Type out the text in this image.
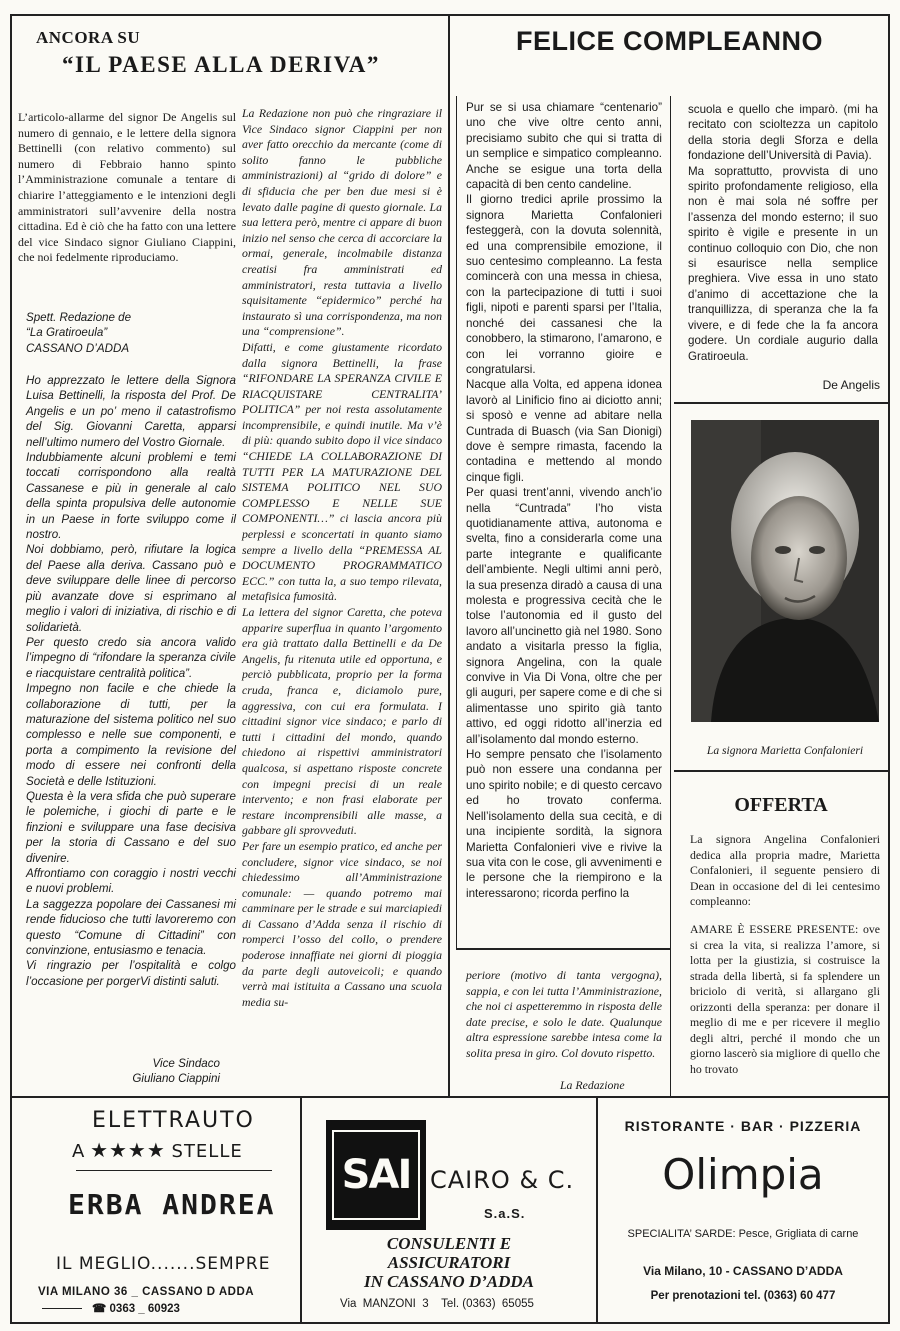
ANCORA SU
“IL PAESE ALLA DERIVA”
L’articolo-allarme del signor De Angelis sul numero di gennaio, e le lettere della signora Bettinelli (con relativo commento) sul numero di Febbraio hanno spinto l’Amministrazione comunale a tentare di chiarire l’atteggiamento e le intenzioni degli amministratori sull’avvenire della nostra cittadina. Ed è ciò che ha fatto con una lettere del vice Sindaco signor Giuliano Ciappini, che noi fedelmente riproduciamo.

Spett. Redazione de

“La Gratiroeula”

CASSANO D’ADDA

Ho apprezzato le lettere della Signora Luisa Bettinelli, la risposta del Prof. De Angelis e un po’ meno il catastrofismo del Sig. Giovanni Caretta, apparsi nell’ultimo numero del Vostro Giornale.

Indubbiamente alcuni problemi e temi toccati corrispondono alla realtà Cassanese e più in generale al calo della spinta propulsiva delle autonomie in un Paese in forte sviluppo come il nostro.

Noi dobbiamo, però, rifiutare la logica del Paese alla deriva. Cassano può e deve sviluppare delle linee di percorso più avanzate dove si esprimano al meglio i valori di iniziativa, di rischio e di solidarietà.

Per questo credo sia ancora valido l’impegno di “rifondare la speranza civile e riacquistare centralità politica”.

Impegno non facile e che chiede la collaborazione di tutti, per la maturazione del sistema politico nel suo complesso e nelle sue componenti, e porta a compimento la revisione del modo di essere nei confronti della Società e delle Istituzioni.

Questa è la vera sfida che può superare le polemiche, i giochi di parte e le finzioni e sviluppare una fase decisiva per la storia di Cassano e del suo divenire.

Affrontiamo con coraggio i nostri vecchi e nuovi problemi.

La saggezza popolare dei Cassanesi mi rende fiducioso che tutti lavoreremo con questo “Comune di Cittadini” con convinzione, entusiasmo e tenacia.

Vi ringrazio per l’ospitalità e colgo l’occasione per porgerVi distinti saluti.

Vice Sindaco

Giuliano Ciappini

La Redazione non può che ringraziare il Vice Sindaco signor Ciappini per non aver fatto orecchio da mercante (come di solito fanno le pubbliche amministrazioni) al “grido di dolore” e di sfiducia che per ben due mesi si è levato dalle pagine di questo giornale. La sua lettera però, mentre ci appare di buon inizio nel senso che cerca di accorciare la ormai, generale, incolmabile distanza creatisi fra amministrati ed amministratori, resta tuttavia a livello squisitamente “epidermico” perché ha instaurato sì una corrispondenza, ma non una “comprensione”.

Difatti, e come giustamente ricordato dalla signora Bettinelli, la frase “RIFONDARE LA SPERANZA CIVILE E RIACQUISTARE CENTRALITA’ POLITICA” per noi resta assolutamente incomprensibile, e quindi inutile. Ma v’è di più: quando subito dopo il vice sindaco “CHIEDE LA COLLABORAZIONE DI TUTTI PER LA MATURAZIONE DEL SISTEMA POLITICO NEL SUO COMPLESSO E NELLE SUE COMPONENTI…” ci lascia ancora più perplessi e sconcertati in quanto siamo sempre a livello della “PREMESSA AL DOCUMENTO PROGRAMMATICO ECC.” con tutta la, a suo tempo rilevata, metafisica fumosità.

La lettera del signor Caretta, che poteva apparire superflua in quanto l’argomento era già trattato dalla Bettinelli e da De Angelis, fu ritenuta utile ed opportuna, e perciò pubblicata, proprio per la forma cruda, franca e, diciamolo pure, aggressiva, con cui era formulata. I cittadini signor vice sindaco; e parlo di tutti i cittadini del mondo, quando chiedono ai rispettivi amministratori qualcosa, si aspettano risposte concrete con impegni precisi di un reale intervento; e non frasi elaborate per restare incomprensibili alle masse, a gabbare gli sprovveduti.

Per fare un esempio pratico, ed anche per concludere, signor vice sindaco, se noi chiedessimo all’Amministrazione comunale: — quando potremo mai camminare per le strade e sui marciapiedi di Cassano d’Adda senza il rischio di romperci l’osso del collo, o prendere poderose innaffiate nei giorni di pioggia da parte degli autoveicoli; e quando verrà mai istituita a Cassano una scuola media su-

FELICE COMPLEANNO

Pur se si usa chiamare “centenario” uno che vive oltre cento anni, precisiamo subito che qui si tratta di un semplice e simpatico compleanno. Anche se esigue una torta della capacità di ben cento candeline.

Il giorno tredici aprile prossimo la signora Marietta Confalonieri festeggerà, con la dovuta solennità, ed una comprensibile emozione, il suo centesimo compleanno. La festa comincerà con una messa in chiesa, con la partecipazione di tutti i suoi figli, nipoti e parenti sparsi per l’Italia, nonché dei cassanesi che la conobbero, la stimarono, l’amarono, e con lei vorranno gioire e congratularsi.

Nacque alla Volta, ed appena idonea lavorò al Linificio fino ai diciotto anni; si sposò e venne ad abitare nella Cuntrada di Buasch (via San Dionigi) dove è sempre rimasta, facendo la contadina e mettendo al mondo cinque figli.

Per quasi trent’anni, vivendo anch’io nella “Cuntrada” l’ho vista quotidianamente attiva, autonoma e svelta, fino a considerarla come una parte integrante e qualificante dell’ambiente. Negli ultimi anni però, la sua presenza diradò a causa di una molesta e progressiva cecità che le tolse l’autonomia ed il gusto del lavoro all’uncinetto già nel 1980. Sono andato a visitarla presso la figlia, signora Angelina, con la quale convive in Via Di Vona, oltre che per gli auguri, per sapere come e di che si alimentasse uno spirito già tanto attivo, ed oggi ridotto all’inerzia ed all’isolamento dal mondo esterno.

Ho sempre pensato che l’isolamento può non essere una condanna per uno spirito nobile; e di questo cercavo ed ho trovato conferma. Nell’isolamento della sua cecità, e di una incipiente sordità, la signora Marietta Confalonieri vive e rivive la sua vita con le cose, gli avvenimenti e le persone che la riempirono e la interessarono; ricorda perfino la

scuola e quello che imparò. (mi ha recitato con scioltezza un capitolo della storia degli Sforza e della fondazione dell’Università di Pavia).

Ma soprattutto, provvista di uno spirito profondamente religioso, ella non è mai sola né soffre per l’assenza del mondo esterno; il suo spirito è vigile e presente in un continuo colloquio con Dio, che non si esaurisce nella semplice preghiera. Vive essa in uno stato d’animo di accettazione che la tranquillizza, di speranza che la fa vivere, e di fede che la fa ancora godere. Un cordiale augurio dalla Gratiroeula.

De Angelis
La signora Marietta Confalonieri
OFFERTA
La signora Angelina Confalonieri dedica alla propria madre, Marietta Confalonieri, il seguente pensiero di Dean in occasione del di lei centesimo compleanno:
AMARE È ESSERE PRESENTE: ove si crea la vita, si realizza l’amore, si lotta per la giustizia, si costruisce la strada della libertà, si fa splendere un briciolo di verità, si allargano gli orizzonti della speranza: per donare il meglio di me e per ricevere il meglio degli altri, perché il mondo che un giorno lascerò sia migliore di quello che ho trovato
periore (motivo di tanta vergogna), sappia, e con lei tutta l’Amministrazione, che noi ci aspetteremmo in risposta delle date precise, e solo le date. Qualunque altra espressione sarebbe intesa come la solita presa in giro. Col dovuto rispetto.
La Redazione
ELETTRAUTO
A ★★★★ STELLE
ERBA ANDREA
IL MEGLIO.......SEMPRE
VIA MILANO 36 _ CASSANO D ADDA
☎ 0363 _ 60923
SAI CAIRO & C.
S.a.S.
CONSULENTI E
ASSICURATORI
IN CASSANO D’ADDA
Via  MANZONI  3    Tel. (0363)  65055
RISTORANTE · BAR · PIZZERIA
Olimpia
SPECIALITA’ SARDE: Pesce, Grigliata di carne
Via Milano, 10 - CASSANO D’ADDA
Per prenotazioni tel. (0363) 60 477
